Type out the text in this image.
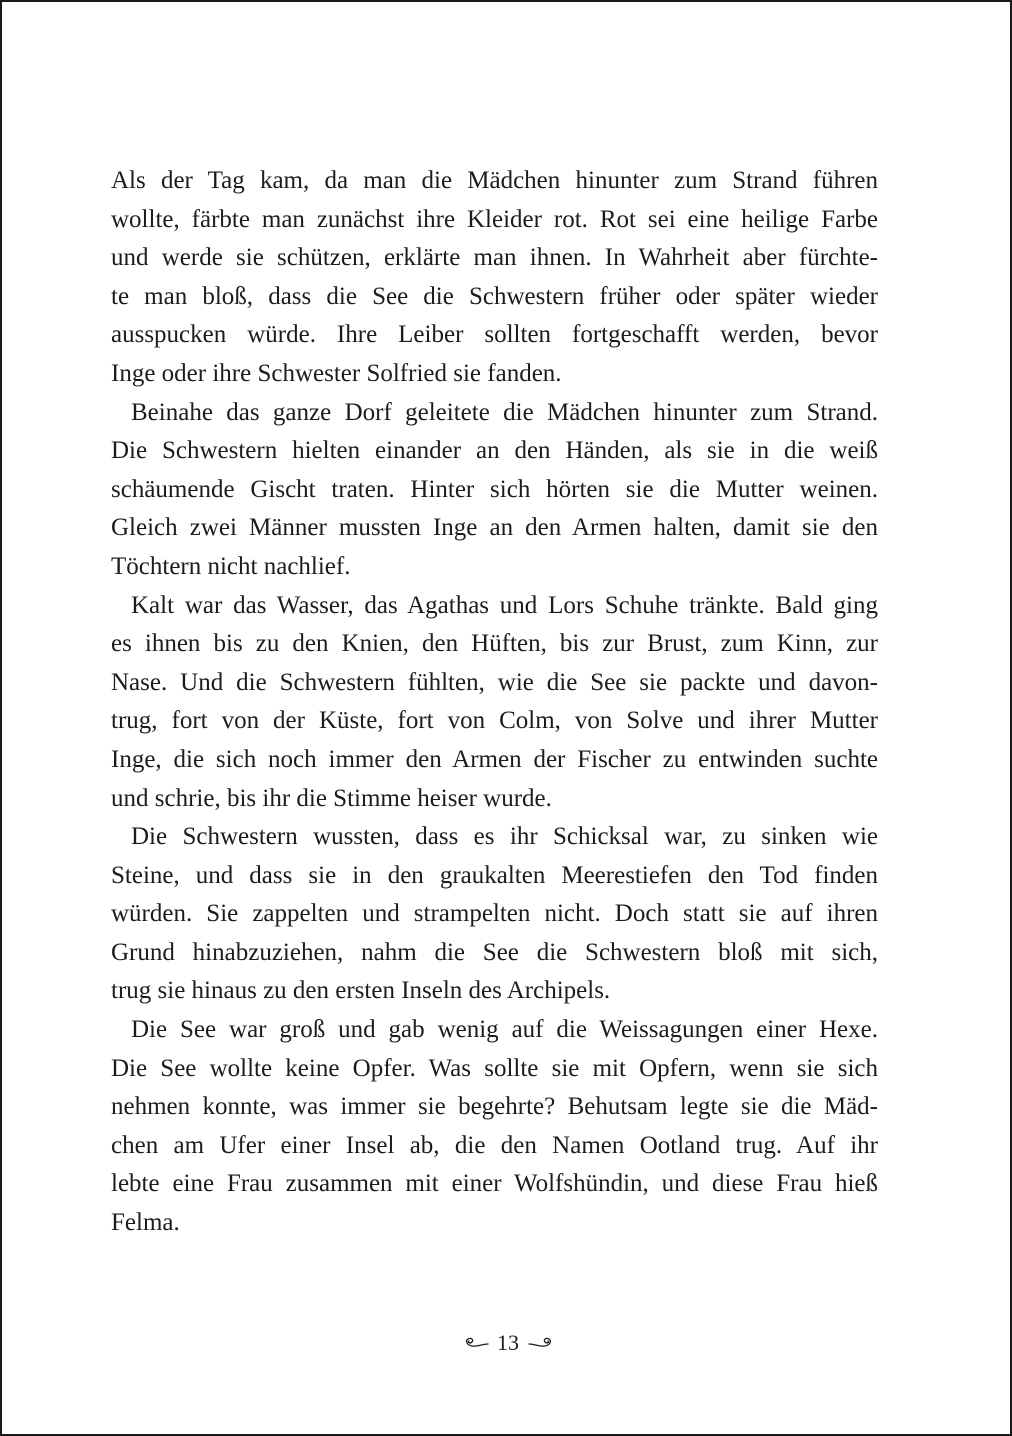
Als der Tag kam, da man die Mädchen hinunter zum Strand führen
wollte, färbte man zunächst ihre Kleider rot. Rot sei eine heilige Farbe
und werde sie schützen, erklärte man ihnen. In Wahrheit aber fürchte-
te man bloß, dass die See die Schwestern früher oder später wieder
ausspucken würde. Ihre Leiber sollten fortgeschafft werden, bevor
Inge oder ihre Schwester Solfried sie fanden.
Beinahe das ganze Dorf geleitete die Mädchen hinunter zum Strand.
Die Schwestern hielten einander an den Händen, als sie in die weiß
schäumende Gischt traten. Hinter sich hörten sie die Mutter weinen.
Gleich zwei Männer mussten Inge an den Armen halten, damit sie den
Töchtern nicht nachlief.
Kalt war das Wasser, das Agathas und Lors Schuhe tränkte. Bald ging
es ihnen bis zu den Knien, den Hüften, bis zur Brust, zum Kinn, zur
Nase. Und die Schwestern fühlten, wie die See sie packte und davon-
trug, fort von der Küste, fort von Colm, von Solve und ihrer Mutter
Inge, die sich noch immer den Armen der Fischer zu entwinden suchte
und schrie, bis ihr die Stimme heiser wurde.
Die Schwestern wussten, dass es ihr Schicksal war, zu sinken wie
Steine, und dass sie in den graukalten Meerestiefen den Tod finden
würden. Sie zappelten und strampelten nicht. Doch statt sie auf ihren
Grund hinabzuziehen, nahm die See die Schwestern bloß mit sich,
trug sie hinaus zu den ersten Inseln des Archipels.
Die See war groß und gab wenig auf die Weissagungen einer Hexe.
Die See wollte keine Opfer. Was sollte sie mit Opfern, wenn sie sich
nehmen konnte, was immer sie begehrte? Behutsam legte sie die Mäd-
chen am Ufer einer Insel ab, die den Namen Ootland trug. Auf ihr
lebte eine Frau zusammen mit einer Wolfshündin, und diese Frau hieß
Felma.
13
